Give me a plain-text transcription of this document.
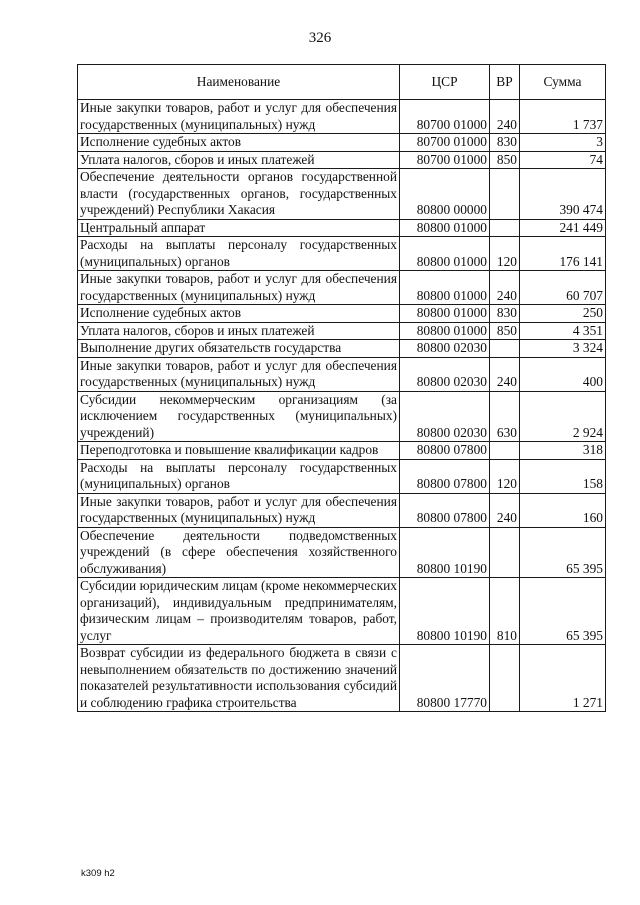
326
Наименование	ЦСР	ВР	Сумма
Иные закупки товаров, работ и услуг для обеспечения государственных (муниципальных) нужд	80700 01000	240	1 737
Исполнение судебных актов	80700 01000	830	3
Уплата налогов, сборов и иных платежей	80700 01000	850	74
Обеспечение деятельности органов государственной власти (государственных органов, государственных учреждений) Республики Хакасия	80800 00000		390 474
Центральный аппарат	80800 01000		241 449
Расходы на выплаты персоналу государственных (муниципальных) органов	80800 01000	120	176 141
Иные закупки товаров, работ и услуг для обеспечения государственных (муниципальных) нужд	80800 01000	240	60 707
Исполнение судебных актов	80800 01000	830	250
Уплата налогов, сборов и иных платежей	80800 01000	850	4 351
Выполнение других обязательств государства	80800 02030		3 324
Иные закупки товаров, работ и услуг для обеспечения государственных (муниципальных) нужд	80800 02030	240	400
Субсидии некоммерческим организациям (за исключением государственных (муниципальных) учреждений)	80800 02030	630	2 924
Переподготовка и повышение квалификации кадров	80800 07800		318
Расходы на выплаты персоналу государственных (муниципальных) органов	80800 07800	120	158
Иные закупки товаров, работ и услуг для обеспечения государственных (муниципальных) нужд	80800 07800	240	160
Обеспечение деятельности подведомственных учреждений (в сфере обеспечения хозяйственного обслуживания)	80800 10190		65 395
Субсидии юридическим лицам (кроме некоммерческих организаций), индивидуальным предпринимателям, физическим лицам – производителям товаров, работ, услуг	80800 10190	810	65 395
Возврат субсидии из федерального бюджета в связи с невыполнением обязательств по достижению значений показателей результативности использования субсидий и соблюдению графика строительства	80800 17770		1 271
k309 h2
